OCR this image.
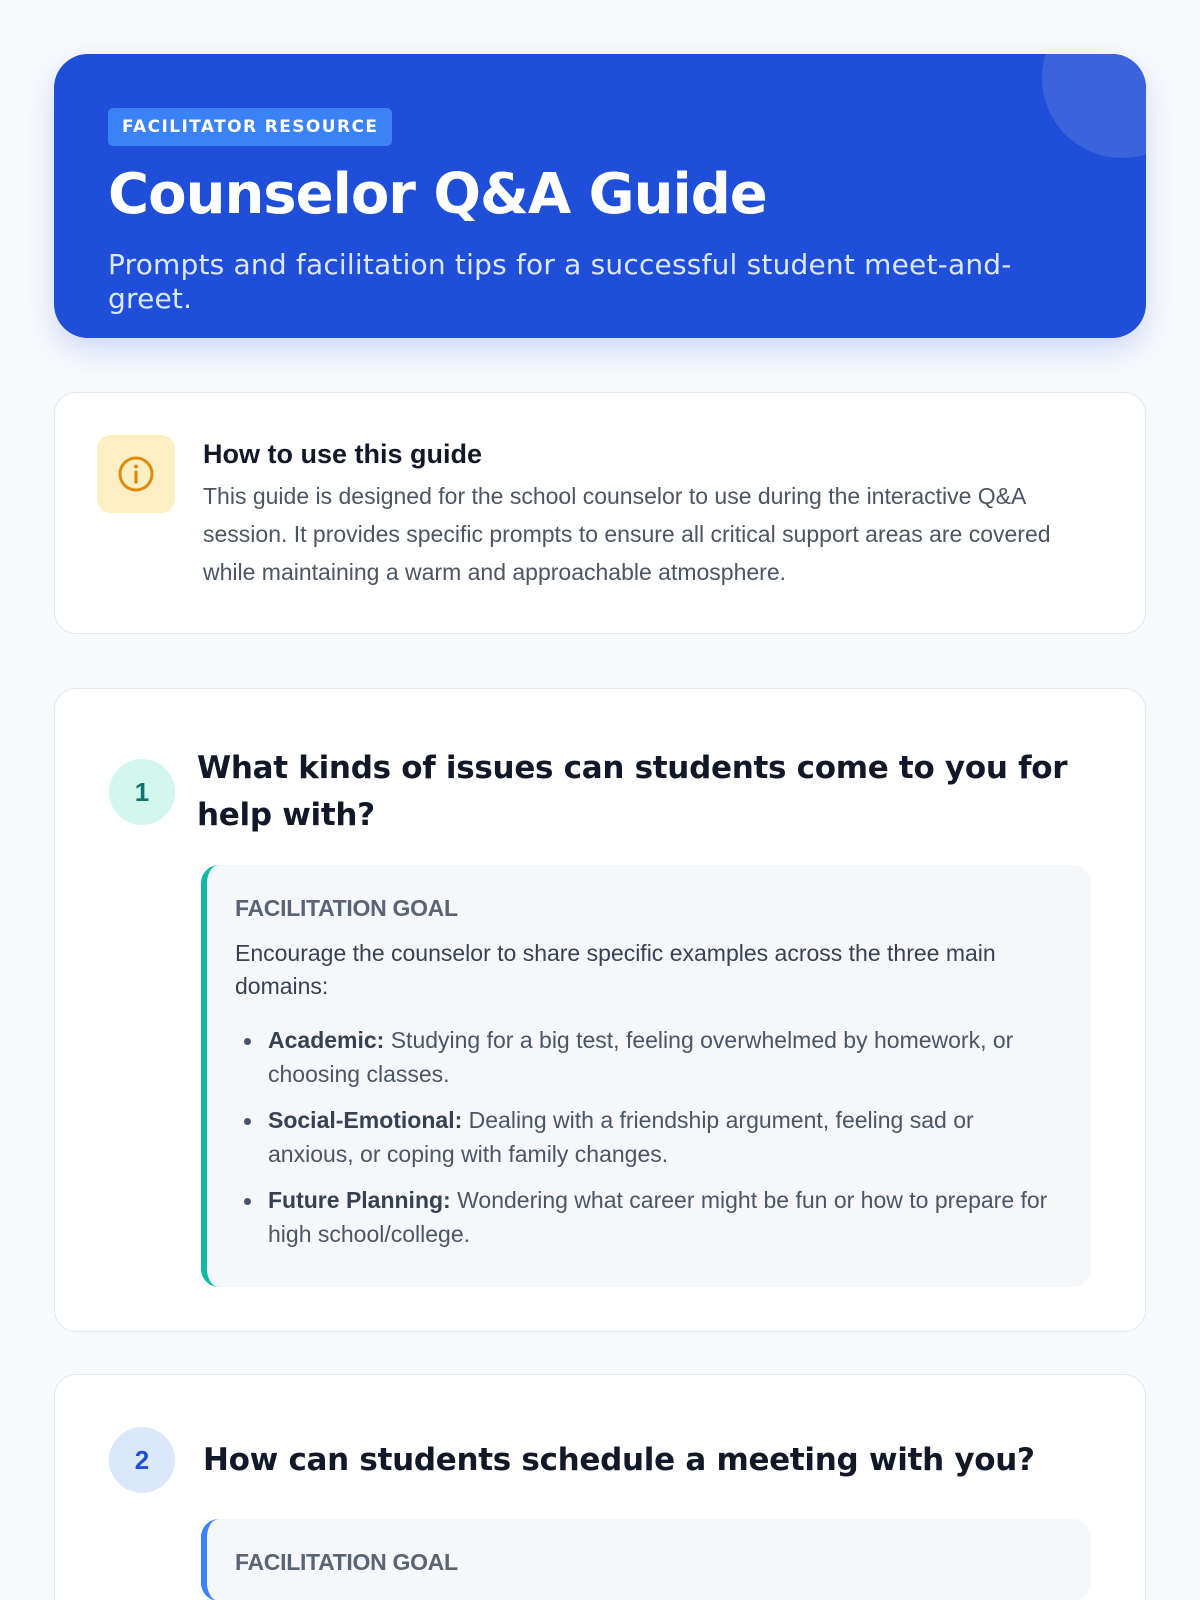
FACILITATOR RESOURCE
Counselor Q&A Guide

Prompts and facilitation tips for a successful student meet-and-greet.

How to use this guide

This guide is designed for the school counselor to use during the interactive Q&A session. It provides specific prompts to ensure all critical support areas are covered while maintaining a warm and approachable atmosphere.

1
What kinds of issues can students come to you for help with?
FACILITATION GOAL

Encourage the counselor to share specific examples across the three main domains:

Academic: Studying for a big test, feeling overwhelmed by homework, or choosing classes.
Social-Emotional: Dealing with a friendship argument, feeling sad or anxious, or coping with family changes.
Future Planning: Wondering what career might be fun or how to prepare for high school/college.
2	How can students schedule a meeting with you?
FACILITATION GOAL
